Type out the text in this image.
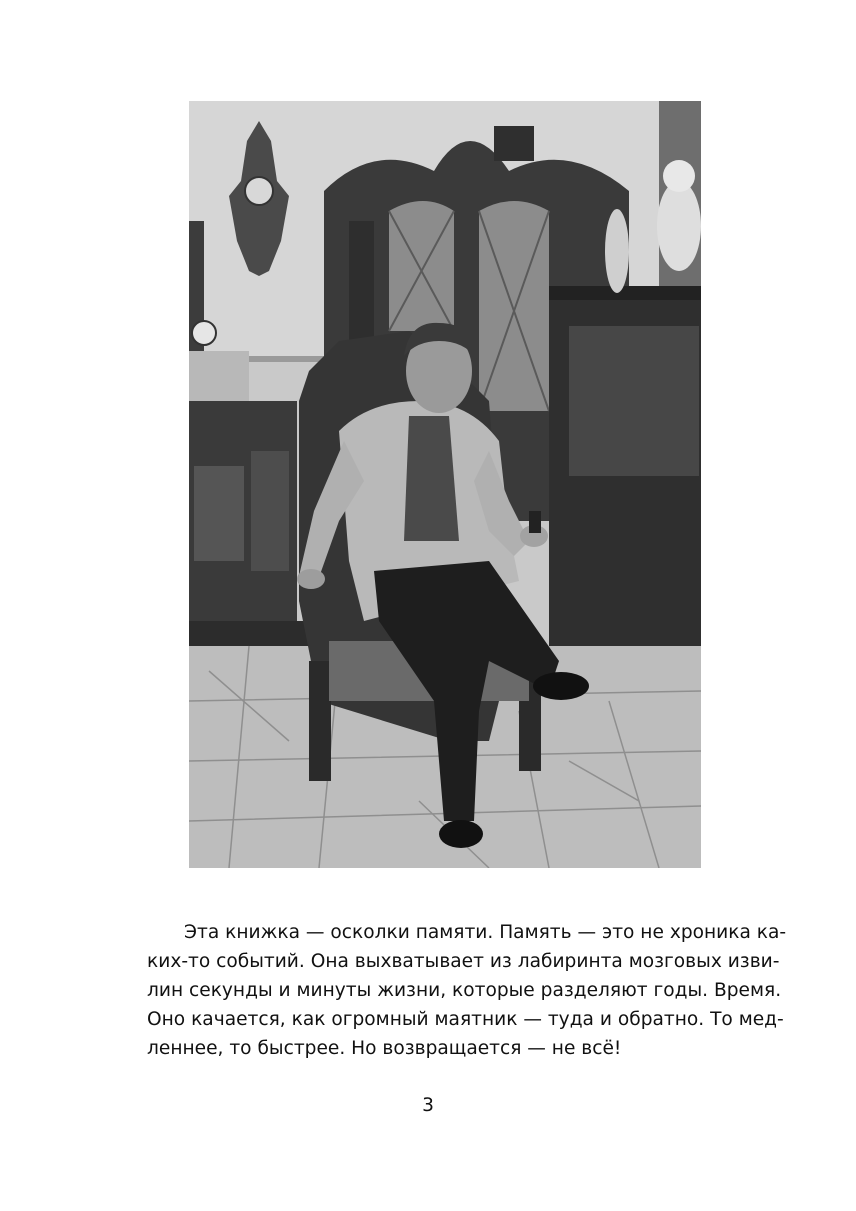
Эта книжка — осколки памяти. Память — это не хроника ка-
ких-то событий. Она выхватывает из лабиринта мозговых изви-
лин секунды и минуты жизни, которые разделяют годы. Время.
Оно качается, как огромный маятник — туда и обратно. То мед-
леннее, то быстрее. Но возвращается — не всё!
3
